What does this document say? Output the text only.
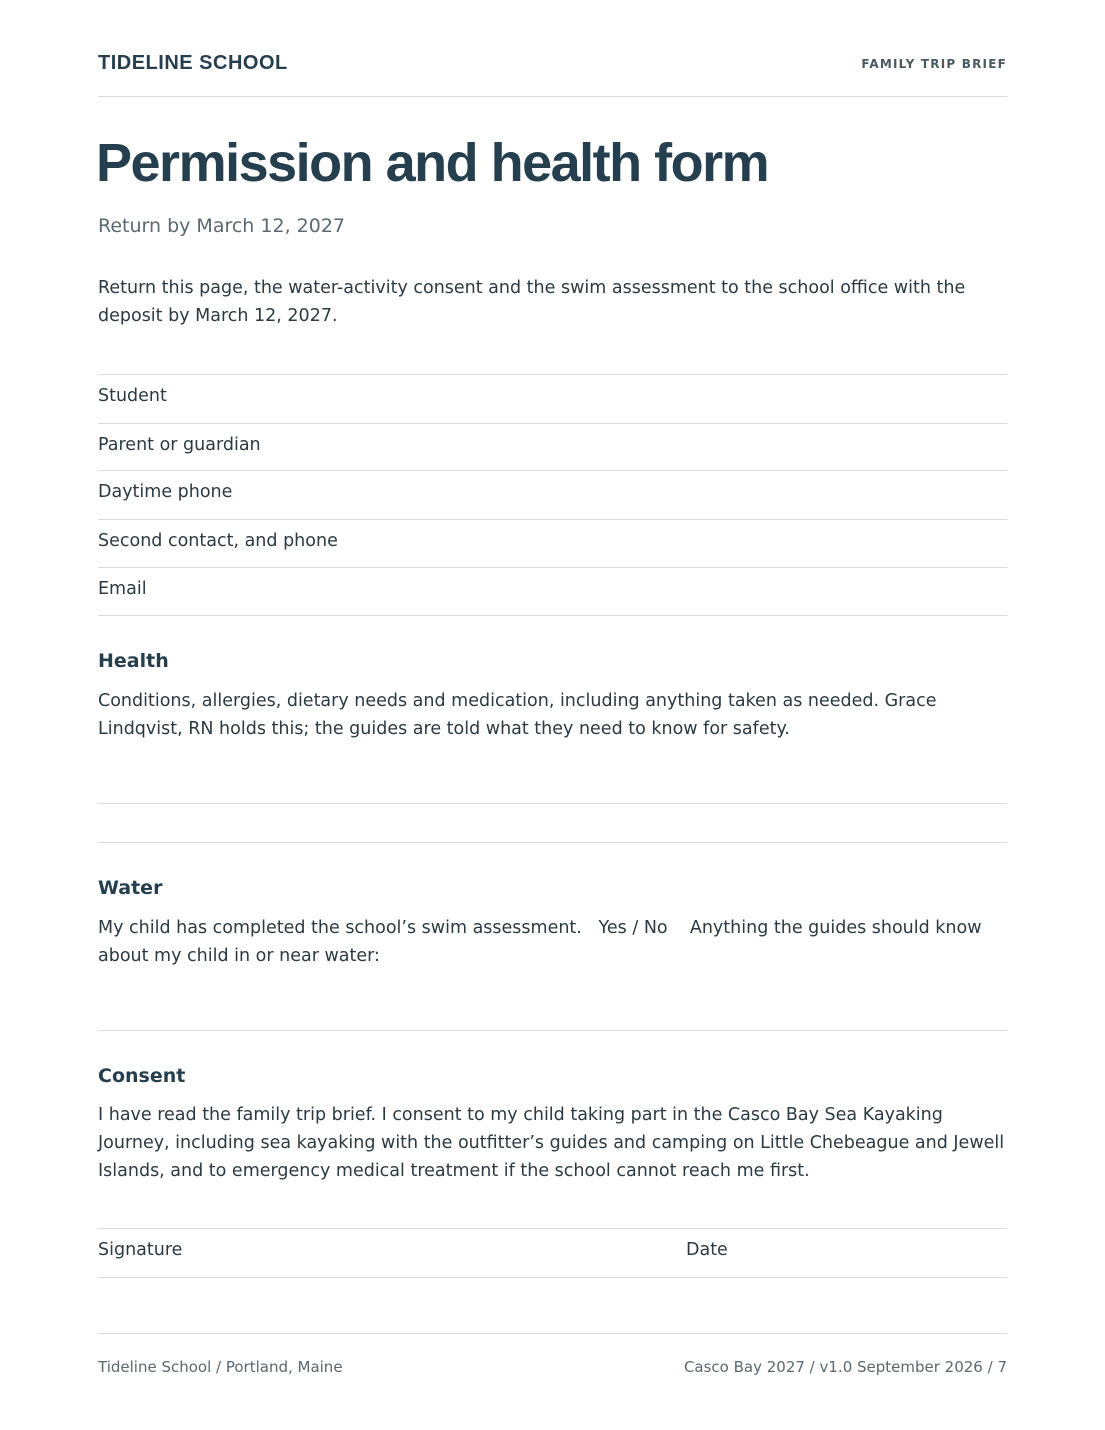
TIDELINE SCHOOL	FAMILY TRIP BRIEF
Permission and health form
Return by March 12, 2027
Return this page, the water-activity consent and the swim assessment to the school office with the deposit by March 12, 2027.
Student
Parent or guardian
Daytime phone
Second contact, and phone
Email
Health
Conditions, allergies, dietary needs and medication, including anything taken as needed. Grace Lindqvist, RN holds this; the guides are told what they need to know for safety.
Water
My child has completed the school’s swim assessment.   Yes / No    Anything the guides should know about my child in or near water:
Consent
I have read the family trip brief. I consent to my child taking part in the Casco Bay Sea Kayaking Journey, including sea kayaking with the outfitter’s guides and camping on Little Chebeague and Jewell Islands, and to emergency medical treatment if the school cannot reach me first.
Signature	Date
Tideline School / Portland, Maine	Casco Bay 2027 / v1.0 September 2026 / 7
